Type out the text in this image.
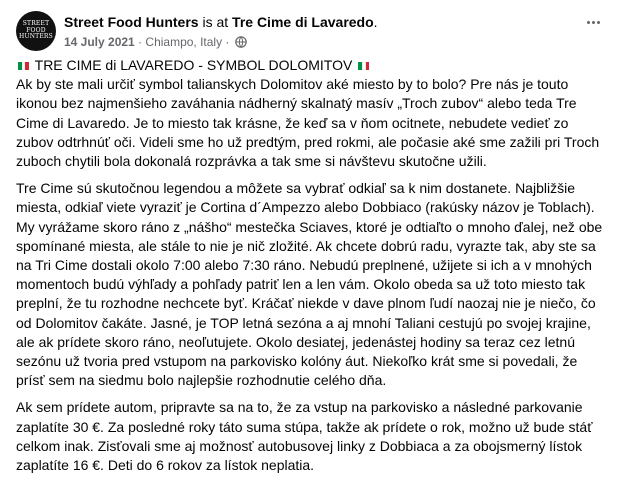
STREET
FOOD
HUNTERS
Street Food Hunters is at Tre Cime di Lavaredo.
14 July 2021 · Chiampo, Italy ·

TRE CIME di LAVAREDO - SYMBOL DOLOMITOV

Ak by ste mali určiť symbol talianskych Dolomitov aké miesto by to bolo? Pre nás je touto ikonou bez najmenšieho zaváhania nádherný skalnatý masív „Troch zubov“ alebo teda Tre Cime di Lavaredo. Je to miesto tak krásne, že keď sa v ňom ocitnete, nebudete vedieť zo zubov odtrhnúť oči. Videli sme ho už predtým, pred rokmi, ale počasie aké sme zažili pri Troch zuboch chytili bola dokonalá rozprávka a tak sme si návštevu skutočne užili.

Tre Cime sú skutočnou legendou a môžete sa vybrať odkiaľ sa k nim dostanete. Najbližšie miesta, odkiaľ viete vyraziť je Cortina d´Ampezzo alebo Dobbiaco (rakúsky názov je Toblach). My vyrážame skoro ráno z „nášho“ mestečka Sciaves, ktoré je odtiaľto o mnoho ďalej, než obe spomínané miesta, ale stále to nie je nič zložité. Ak chcete dobrú radu, vyrazte tak, aby ste sa na Tri Cime dostali okolo 7:00 alebo 7:30 ráno. Nebudú preplnené, užijete si ich a v mnohých momentoch budú výhľady a pohľady patriť len a len vám. Okolo obeda sa už toto miesto tak preplní, že tu rozhodne nechcete byť. Kráčať niekde v dave plnom ľudí naozaj nie je niečo, čo od Dolomitov čakáte. Jasné, je TOP letná sezóna a aj mnohí Taliani cestujú po svojej krajine, ale ak prídete skoro ráno, neoľutujete. Okolo desiatej, jedenástej hodiny sa teraz cez letnú sezónu už tvoria pred vstupom na parkovisko kolóny áut. Niekoľko krát sme si povedali, že prísť sem na siedmu bolo najlepšie rozhodnutie celého dňa.

Ak sem prídete autom, pripravte sa na to, že za vstup na parkovisko a následné parkovanie zaplatíte 30 €. Za posledné roky táto suma stúpa, takže ak prídete o rok, možno už bude stáť celkom inak. Zisťovali sme aj možnosť autobusovej linky z Dobbiaca a za obojsmerný lístok zaplatíte 16 €. Deti do 6 rokov za lístok neplatia.
